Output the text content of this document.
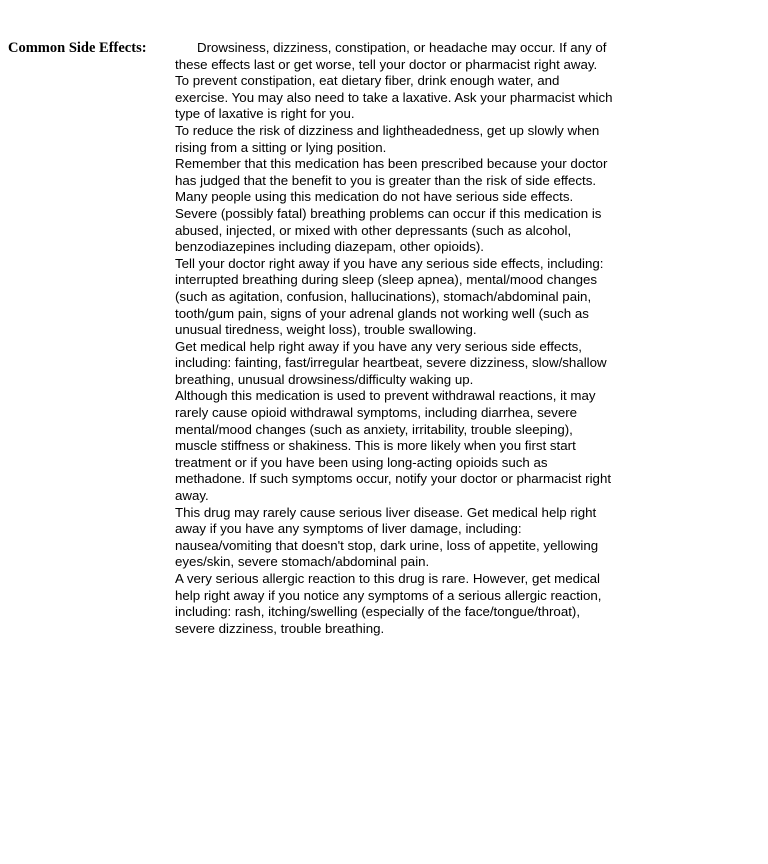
Common Side Effects:	Drowsiness, dizziness, constipation, or headache may occur. If any of these effects last or get worse, tell your doctor or pharmacist right away.

To prevent constipation, eat dietary fiber, drink enough water, and exercise. You may also need to take a laxative. Ask your pharmacist which type of laxative is right for you.

To reduce the risk of dizziness and lightheadedness, get up slowly when rising from a sitting or lying position.

Remember that this medication has been prescribed because your doctor has judged that the benefit to you is greater than the risk of side effects. Many people using this medication do not have serious side effects.

Severe (possibly fatal) breathing problems can occur if this medication is abused, injected, or mixed with other depressants (such as alcohol, benzodiazepines including diazepam, other opioids).

Tell your doctor right away if you have any serious side effects, including: interrupted breathing during sleep (sleep apnea), mental/mood changes (such as agitation, confusion, hallucinations), stomach/abdominal pain, tooth/gum pain, signs of your adrenal glands not working well (such as unusual tiredness, weight loss), trouble swallowing.

Get medical help right away if you have any very serious side effects, including: fainting, fast/irregular heartbeat, severe dizziness, slow/shallow breathing, unusual drowsiness/difficulty waking up.

Although this medication is used to prevent withdrawal reactions, it may rarely cause opioid withdrawal symptoms, including diarrhea, severe mental/mood changes (such as anxiety, irritability, trouble sleeping), muscle stiffness or shakiness. This is more likely when you first start treatment or if you have been using long-acting opioids such as methadone. If such symptoms occur, notify your doctor or pharmacist right away.

This drug may rarely cause serious liver disease. Get medical help right away if you have any symptoms of liver damage, including: nausea/vomiting that doesn't stop, dark urine, loss of appetite, yellowing eyes/skin, severe stomach/abdominal pain.

A very serious allergic reaction to this drug is rare. However, get medical help right away if you notice any symptoms of a serious allergic reaction, including: rash, itching/swelling (especially of the face/tongue/throat), severe dizziness, trouble breathing.
